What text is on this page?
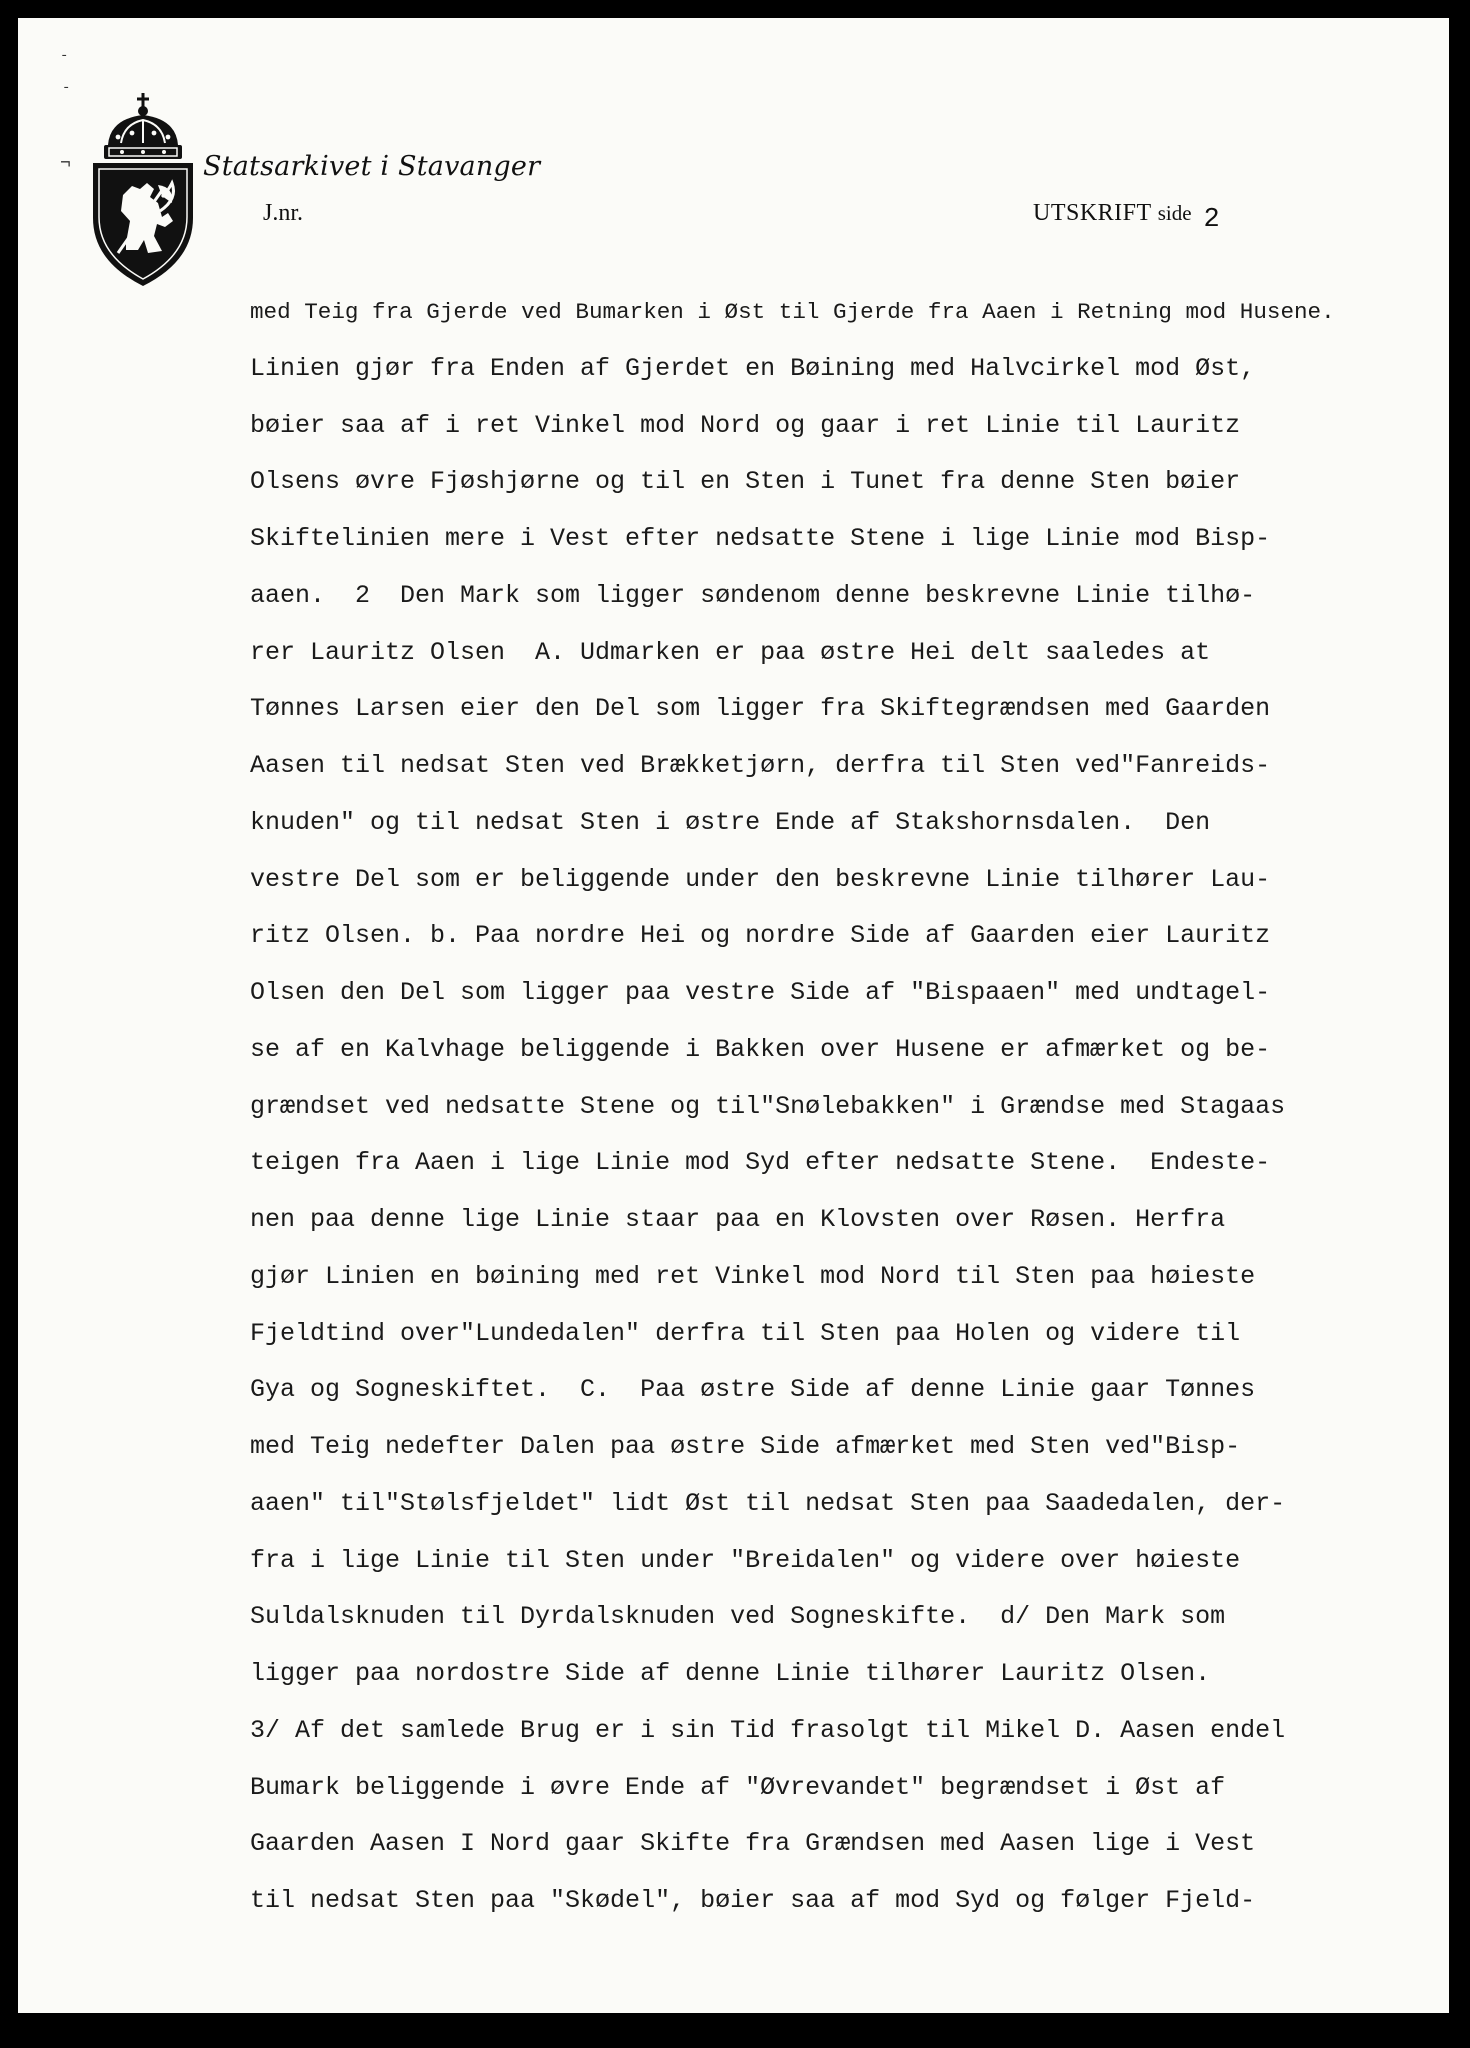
-
-
¬	Statsarkivet i Stavanger
J.nr.	UTSKRIFT side 2
med Teig fra Gjerde ved Bumarken i Øst til Gjerde fra Aaen i Retning mod Husene.
Linien gjør fra Enden af Gjerdet en Bøining med Halvcirkel mod Øst,
bøier saa af i ret Vinkel mod Nord og gaar i ret Linie til Lauritz
Olsens øvre Fjøshjørne og til en Sten i Tunet fra denne Sten bøier
Skiftelinien mere i Vest efter nedsatte Stene i lige Linie mod Bisp-
aaen.  2  Den Mark som ligger søndenom denne beskrevne Linie tilhø-
rer Lauritz Olsen  A. Udmarken er paa østre Hei delt saaledes at
Tønnes Larsen eier den Del som ligger fra Skiftegrændsen med Gaarden
Aasen til nedsat Sten ved Brækketjørn, derfra til Sten ved"Fanreids-
knuden" og til nedsat Sten i østre Ende af Stakshornsdalen.  Den
vestre Del som er beliggende under den beskrevne Linie tilhører Lau-
ritz Olsen. b. Paa nordre Hei og nordre Side af Gaarden eier Lauritz
Olsen den Del som ligger paa vestre Side af "Bispaaen" med undtagel-
se af en Kalvhage beliggende i Bakken over Husene er afmærket og be-
grændset ved nedsatte Stene og til"Snølebakken" i Grændse med Stagaas
teigen fra Aaen i lige Linie mod Syd efter nedsatte Stene.  Endeste-
nen paa denne lige Linie staar paa en Klovsten over Røsen. Herfra
gjør Linien en bøining med ret Vinkel mod Nord til Sten paa høieste
Fjeldtind over"Lundedalen" derfra til Sten paa Holen og videre til
Gya og Sogneskiftet.  C.  Paa østre Side af denne Linie gaar Tønnes
med Teig nedefter Dalen paa østre Side afmærket med Sten ved"Bisp-
aaen" til"Stølsfjeldet" lidt Øst til nedsat Sten paa Saadedalen, der-
fra i lige Linie til Sten under "Breidalen" og videre over høieste
Suldalsknuden til Dyrdalsknuden ved Sogneskifte.  d/ Den Mark som
ligger paa nordostre Side af denne Linie tilhører Lauritz Olsen.
3/ Af det samlede Brug er i sin Tid frasolgt til Mikel D. Aasen endel
Bumark beliggende i øvre Ende af "Øvrevandet" begrændset i Øst af
Gaarden Aasen I Nord gaar Skifte fra Grændsen med Aasen lige i Vest
til nedsat Sten paa "Skødel", bøier saa af mod Syd og følger Fjeld-
